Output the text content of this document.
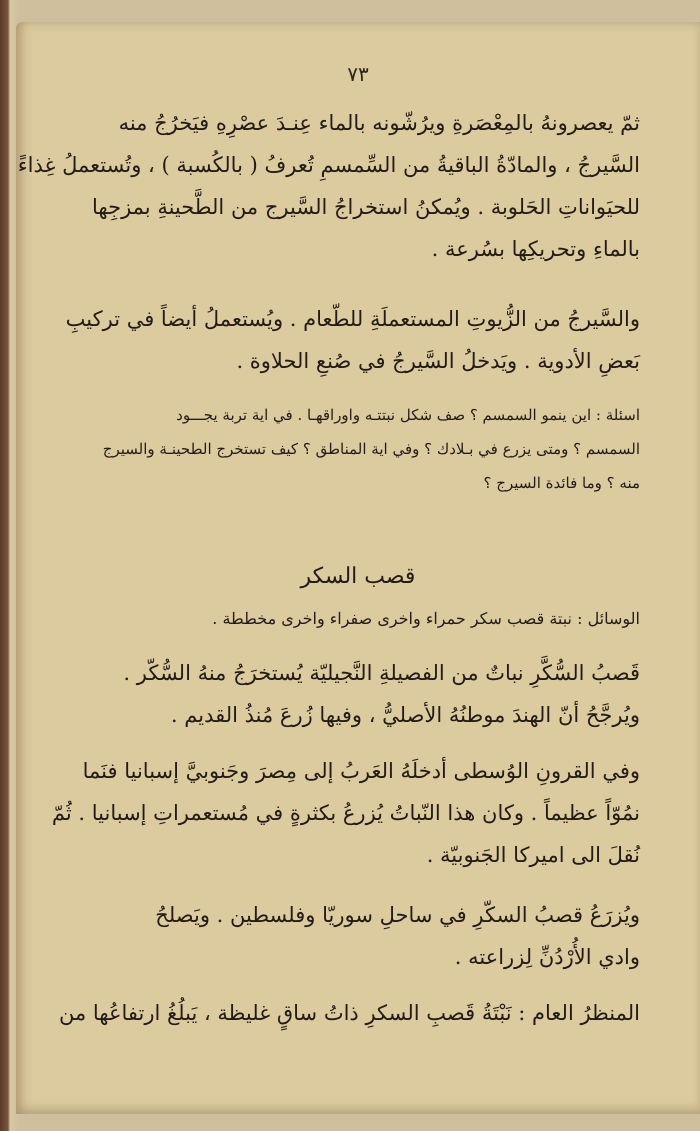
٧٣
ثمّ يعصرونهُ بالمِعْصَرةِ ويرُشّونه بالماء عِنـدَ عصْرِهِ فيَخرُجُ منه
السَّيرجُ ، والمادّةُ الباقيةُ من السِّمسمِ تُعرفُ ( بالكُسبة ) ، وتُستعملُ غِذاءً
للحيَواناتِ الحَلوبة . ويُمكنُ استخراجُ السَّيرج من الطَّحينةِ بمزجِها
بالماءِ وتحريكِها بسُرعة .
والسَّيرجُ من الزُّيوتِ المستعملَةِ للطّعام . ويُستعملُ أيضاً في تركيبِ
بَعضِ الأدوية . ويَدخلُ السَّيرجُ في صُنعِ الحلاوة .
اسئلة : اين ينمو السمسم ؟ صف شكل نبتتـه واوراقهـا . في اية تربة يجـــود
السمسم ؟ ومتى يزرع في بـلادك ؟ وفي اية المناطق ؟ كيف تستخرج الطحينـة والسيرج
منه ؟ وما فائدة السيرج ؟
قصب السكر
الوسائل : نبتة قصب سكر حمراء واخرى صفراء واخرى مخططة .
قَصبُ السُّكَّرِ نباتٌ من الفصيلةِ النَّجيليّة يُستخرَجُ منهُ السُّكّر .
ويُرجَّحُ أنّ الهندَ موطنُهُ الأصليُّ ، وفيها زُرعَ مُنذُ القديم .
وفي القرونِ الوُسطى أدخلَهُ العَربُ إلى مِصرَ وجَنوبيَّ إسبانيا فنَما
نمُوّاً عظيماً . وكان هذا النّباتُ يُزرعُ بكثرةٍ في مُستعمراتِ إسبانيا . ثُمّ
نُقلَ الى اميركا الجَنوبيّة .
ويُزرَعُ قصبُ السكّرِ في ساحلِ سوريّا وفلسطين . ويَصلحُ
وادي الأُرْدُنِّ لِزراعته .
المنظرُ العام : نَبْتَةُ قَصبِ السكرِ ذاتُ ساقٍ غليظة ، يَبلُغُ ارتفاعُها من
